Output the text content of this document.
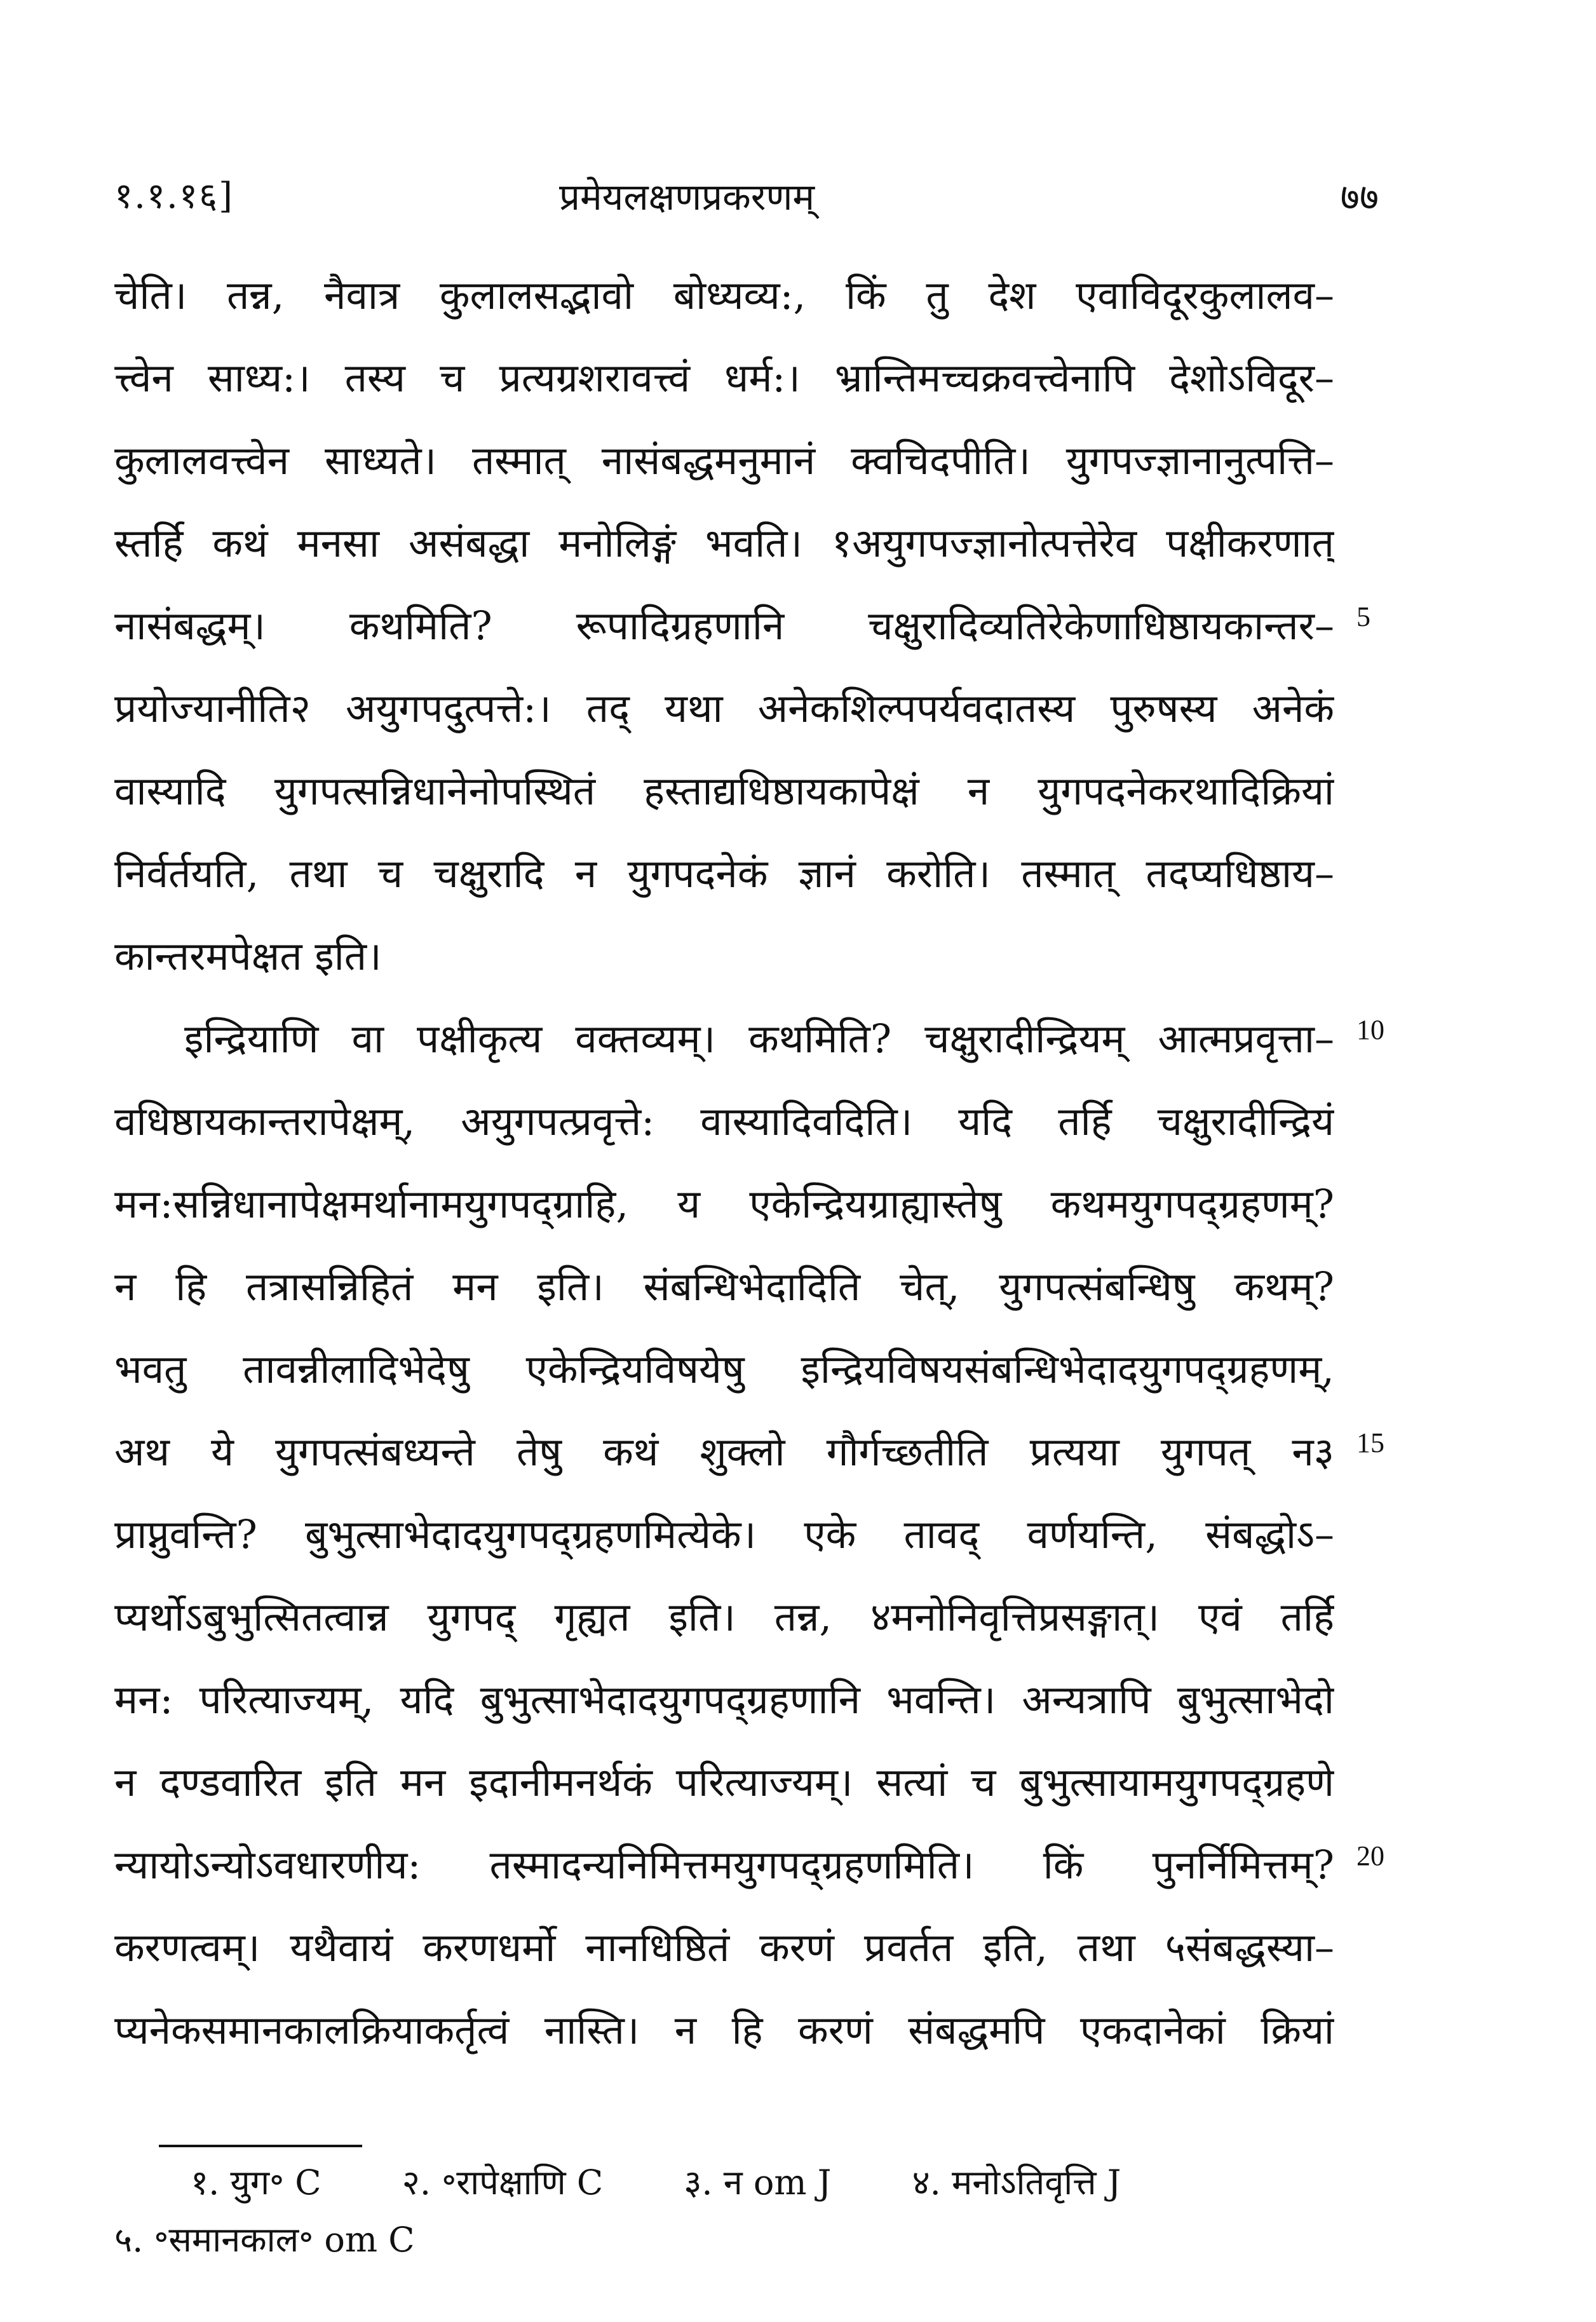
१.१.१६]	प्रमेयलक्षणप्रकरणम्	७७
चेति। तन्न, नैवात्र कुलालसद्भावो बोध्यव्य:, किं तु देश एवाविदूरकुलालव–
त्त्वेन साध्य:। तस्य च प्रत्यग्रशरावत्त्वं धर्म:। भ्रान्तिमच्चक्रवत्त्वेनापि देशोऽविदूर–
कुलालवत्त्वेन साध्यते। तस्मात् नासंबद्धमनुमानं क्वचिदपीति। युगपज्ज्ञानानुत्पत्ति–
स्तर्हि कथं मनसा असंबद्धा मनोलिङ्गं भवति। १अयुगपज्ज्ञानोत्पत्तेरेव पक्षीकरणात्
नासंबद्धम्। कथमिति? रूपादिग्रहणानि चक्षुरादिव्यतिरेकेणाधिष्ठायकान्तर–
प्रयोज्यानीति२ अयुगपदुत्पत्ते:। तद् यथा अनेकशिल्पपर्यवदातस्य पुरुषस्य अनेकं
वास्यादि युगपत्सन्निधानेनोपस्थितं हस्ताद्यधिष्ठायकापेक्षं न युगपदनेकरथादिक्रियां
निर्वर्तयति, तथा च चक्षुरादि न युगपदनेकं ज्ञानं करोति। तस्मात् तदप्यधिष्ठाय–
कान्तरमपेक्षत इति।
इन्द्रियाणि वा पक्षीकृत्य वक्तव्यम्। कथमिति? चक्षुरादीन्द्रियम् आत्मप्रवृत्ता–
वधिष्ठायकान्तरापेक्षम्, अयुगपत्प्रवृत्ते: वास्यादिवदिति। यदि तर्हि चक्षुरादीन्द्रियं
मन:सन्निधानापेक्षमर्थानामयुगपद्ग्राहि, य एकेन्द्रियग्राह्यास्तेषु कथमयुगपद्ग्रहणम्?
न हि तत्रासन्निहितं मन इति। संबन्धिभेदादिति चेत्, युगपत्संबन्धिषु कथम्?
भवतु तावन्नीलादिभेदेषु एकेन्द्रियविषयेषु इन्द्रियविषयसंबन्धिभेदादयुगपद्ग्रहणम्,
अथ ये युगपत्संबध्यन्ते तेषु कथं शुक्लो गौर्गच्छतीति प्रत्यया युगपत् न३
प्राप्नुवन्ति? बुभुत्साभेदादयुगपद्ग्रहणमित्येके। एके तावद् वर्णयन्ति, संबद्धोऽ–
प्यर्थोऽबुभुत्सितत्वान्न युगपद् गृह्यत इति। तन्न, ४मनोनिवृत्तिप्रसङ्गात्। एवं तर्हि
मन: परित्याज्यम्, यदि बुभुत्साभेदादयुगपद्ग्रहणानि भवन्ति। अन्यत्रापि बुभुत्साभेदो
न दण्डवारित इति मन इदानीमनर्थकं परित्याज्यम्। सत्यां च बुभुत्सायामयुगपद्ग्रहणे
न्यायोऽन्योऽवधारणीय: तस्मादन्यनिमित्तमयुगपद्ग्रहणमिति। किं पुनर्निमित्तम्?
करणत्वम्। यथैवायं करणधर्मो नानधिष्ठितं करणं प्रवर्तत इति, तथा ५संबद्धस्या–
प्यनेकसमानकालक्रियाकर्तृत्वं नास्ति। न हि करणं संबद्धमपि एकदानेकां क्रियां
5
10
15
20
१. युग॰ C २. ॰रापेक्षाणि C ३. न om J ४. मनोऽतिवृत्ति J
५. ॰समानकाल॰ om C
